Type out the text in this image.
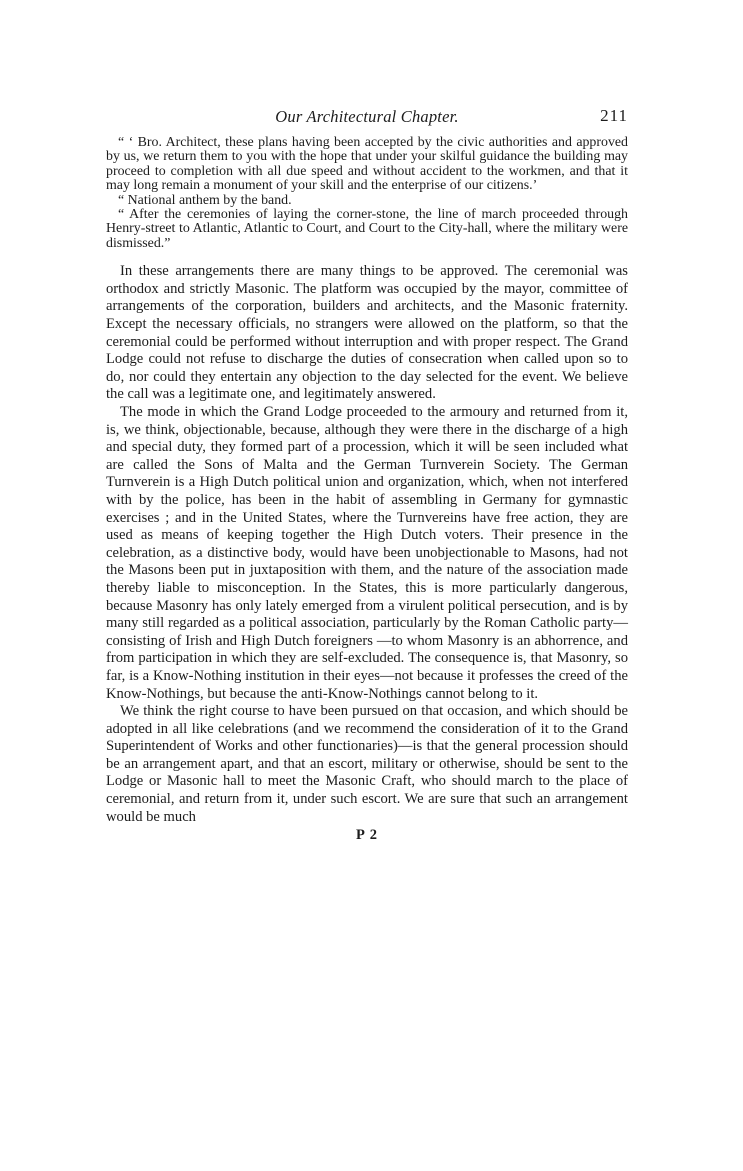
Our Architectural Chapter.	211

“ ‘ Bro. Architect, these plans having been accepted by the civic authorities and approved by us, we return them to you with the hope that under your skilful guidance the building may proceed to completion with all due speed and without accident to the workmen, and that it may long remain a monument of your skill and the enterprise of our citizens.’

“ National anthem by the band.

“ After the ceremonies of laying the corner-stone, the line of march proceeded through Henry-street to Atlantic, Atlantic to Court, and Court to the City-hall, where the military were dismissed.”

In these arrangements there are many things to be approved. The ceremonial was orthodox and strictly Masonic. The platform was occupied by the mayor, committee of arrangements of the corporation, builders and architects, and the Masonic fraternity. Except the necessary officials, no strangers were allowed on the platform, so that the ceremonial could be performed without interruption and with proper respect. The Grand Lodge could not refuse to discharge the duties of consecration when called upon so to do, nor could they entertain any objection to the day selected for the event. We believe the call was a legitimate one, and legitimately answered.

The mode in which the Grand Lodge proceeded to the armoury and returned from it, is, we think, objectionable, because, although they were there in the discharge of a high and special duty, they formed part of a procession, which it will be seen included what are called the Sons of Malta and the German Turnverein Society. The German Turnverein is a High Dutch political union and organization, which, when not interfered with by the police, has been in the habit of assembling in Germany for gymnastic exercises ; and in the United States, where the Turnvereins have free action, they are used as means of keeping together the High Dutch voters. Their presence in the celebration, as a distinctive body, would have been unobjectionable to Masons, had not the Masons been put in juxtaposition with them, and the nature of the association made thereby liable to misconception. In the States, this is more particularly dangerous, because Masonry has only lately emerged from a virulent political persecution, and is by many still regarded as a political association, particularly by the Roman Catholic party—consisting of Irish and High Dutch foreigners —to whom Masonry is an abhorrence, and from participation in which they are self-excluded. The consequence is, that Masonry, so far, is a Know-Nothing institution in their eyes—not because it professes the creed of the Know-Nothings, but because the anti-Know-Nothings cannot belong to it.

We think the right course to have been pursued on that occasion, and which should be adopted in all like celebrations (and we recommend the consideration of it to the Grand Superintendent of Works and other functionaries)—is that the general procession should be an arrangement apart, and that an escort, military or otherwise, should be sent to the Lodge or Masonic hall to meet the Masonic Craft, who should march to the place of ceremonial, and return from it, under such escort. We are sure that such an arrangement would be much

P 2
